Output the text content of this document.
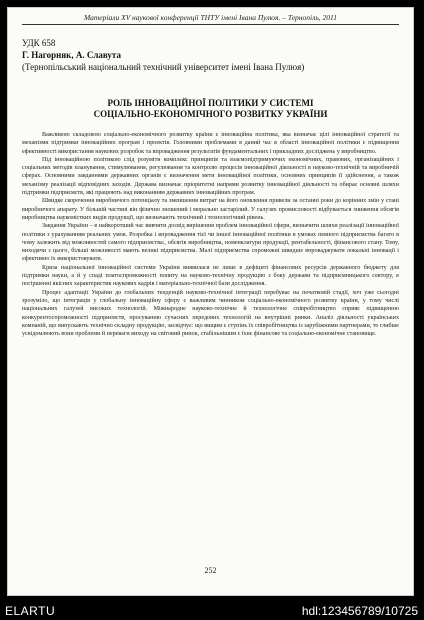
Матеріали XV наукової конференції ТНТУ імені Івана Пулюя. – Тернопіль, 2011
УДК 658
Г. Нагорняк, А. Славута
(Тернопільський національний технічний університет імені Івана Пулюя)
РОЛЬ ІННОВАЦІЙНОЇ ПОЛІТИКИ У СИСТЕМІ
СОЦІАЛЬНО-ЕКОНОМІЧНОГО РОЗВИТКУ УКРАЇНИ

Важливою складовою соціально-економічного розвитку країни є інноваційна політика, яка визначає цілі інноваційної стратегії та механізми підтримки інноваційних програм і проектів. Головними проблемами в даний час в області інноваційної політики є підвищення ефективності використання наукових розробок та впровадження результатів фундаментальних і прикладних досліджень у виробництво.

Під інноваційною політикою слід розуміти комплекс принципів та взаємопідтримуючих економічних, правових, організаційних і соціальних методів планування, стимулювання, регулювання та контролю процесів інноваційної діяльності в науково-технічній та виробничій сферах. Основними завданнями державних органів є визначення мети інноваційної політики, основних принципів її здійснення, а також механізму реалізації відповідних заходів. Держава визначає пріоритетні напрями розвитку інноваційної діяльності та обирає основні шляхи підтримки підприємств, які працюють над виконанням державних інноваційних програм.

Швидке скорочення виробничого потенціалу та зменшення витрат на його оновлення привели за останні роки до корінних змін у стані виробничого апарату. У більшій частині він фізично зношений і морально застарілий. У галузях промисловості відбувається зниження обсягів виробництва наукомістких видів продукції, що визначають технічний і технологічний рівень.

Завдання України – в найкоротший час вивчити досвід вирішення проблем інноваційної сфери, визначити шляхи реалізації інноваційної політики з урахуванням реальних умов. Розробка і впровадження тієї чи іншої інноваційної політики в умовах певного підприємства багато в чому залежить від можливостей самого підприємства:, обсягів виробництва, номенклатури продукції, рентабельності, фінансового стану. Тому, виходячи з цього, більші можливості мають великі підприємства. Малі підприємства спроможні швидше впроваджувати локальні інновації і ефективно їх використовувати.

Криза національної інноваційної системи України виявилася не лише в дефіциті фінансових ресурсів державного бюджету для підтримки науки, а й у спаді платоспроможності попиту на науково-технічну продукцію з боку держави та підприємницького сектору, в погіршенні якісних характеристик наукових кадрів і матеріально-технічної бази дослідження.

Процес адаптації України до глобальних тенденцій науково-технічної інтеграції перебуває на початковій стадії, хоч уже сьогодні зрозуміло, що інтеграція у глобальну інноваційну сферу є важливим чинником соціально-економічного розвитку країни, у тому числі національних галузей високих технологій. Міжнародне науково-технічне й технологічне співробітництво сприяє підвищенню конкурентоспроможності підприємств, просуванню сучасних передових технологій на внутрішні ринки. Аналіз діяльності українських компаній, що випускають технічно складну продукцію, засвідчує: що вищим є ступінь їх співробітництва із зарубіжними партнерами, то глибше усвідомлюють вони проблеми й переваги виходу на світовий ринок, стабільнішим є їхнє фінансове та соціально-економічне становище.

252
ELARTU	hdl:123456789/10725
